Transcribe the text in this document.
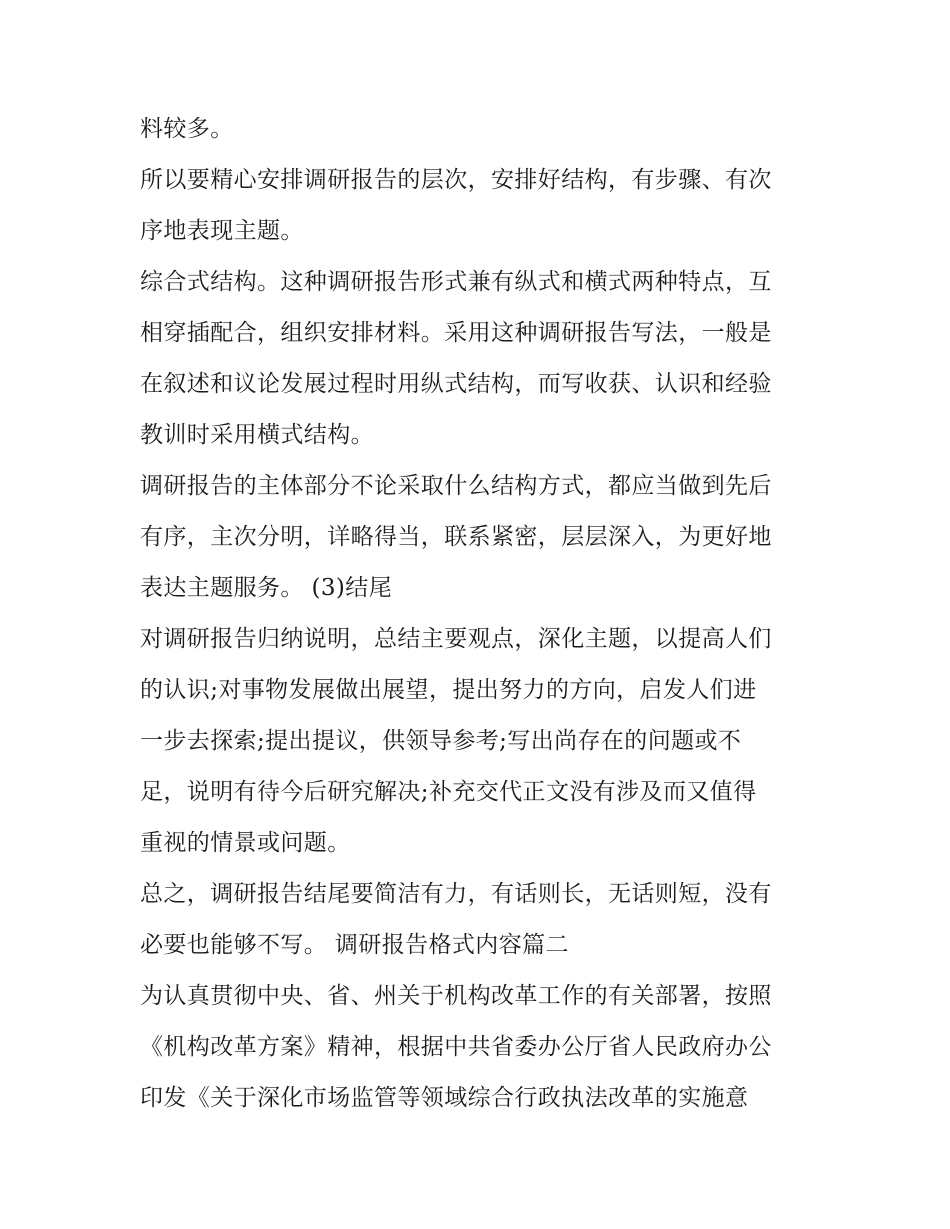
料较多。
所以要精心安排调研报告的层次，安排好结构，有步骤、有次
序地表现主题。
综合式结构。这种调研报告形式兼有纵式和横式两种特点，互
相穿插配合，组织安排材料。采用这种调研报告写法，一般是
在叙述和议论发展过程时用纵式结构，而写收获、认识和经验
教训时采用横式结构。
调研报告的主体部分不论采取什么结构方式，都应当做到先后
有序，主次分明，详略得当，联系紧密，层层深入，为更好地
表达主题服务。 (3)结尾
对调研报告归纳说明，总结主要观点，深化主题，以提高人们
的认识;对事物发展做出展望，提出努力的方向，启发人们进
一步去探索;提出提议，供领导参考;写出尚存在的问题或不
足，说明有待今后研究解决;补充交代正文没有涉及而又值得
重视的情景或问题。
总之，调研报告结尾要简洁有力，有话则长，无话则短，没有
必要也能够不写。 调研报告格式内容篇二
为认真贯彻中央、省、州关于机构改革工作的有关部署，按照
《机构改革方案》精神，根据中共省委办公厅省人民政府办公
印发《关于深化市场监管等领域综合行政执法改革的实施意
